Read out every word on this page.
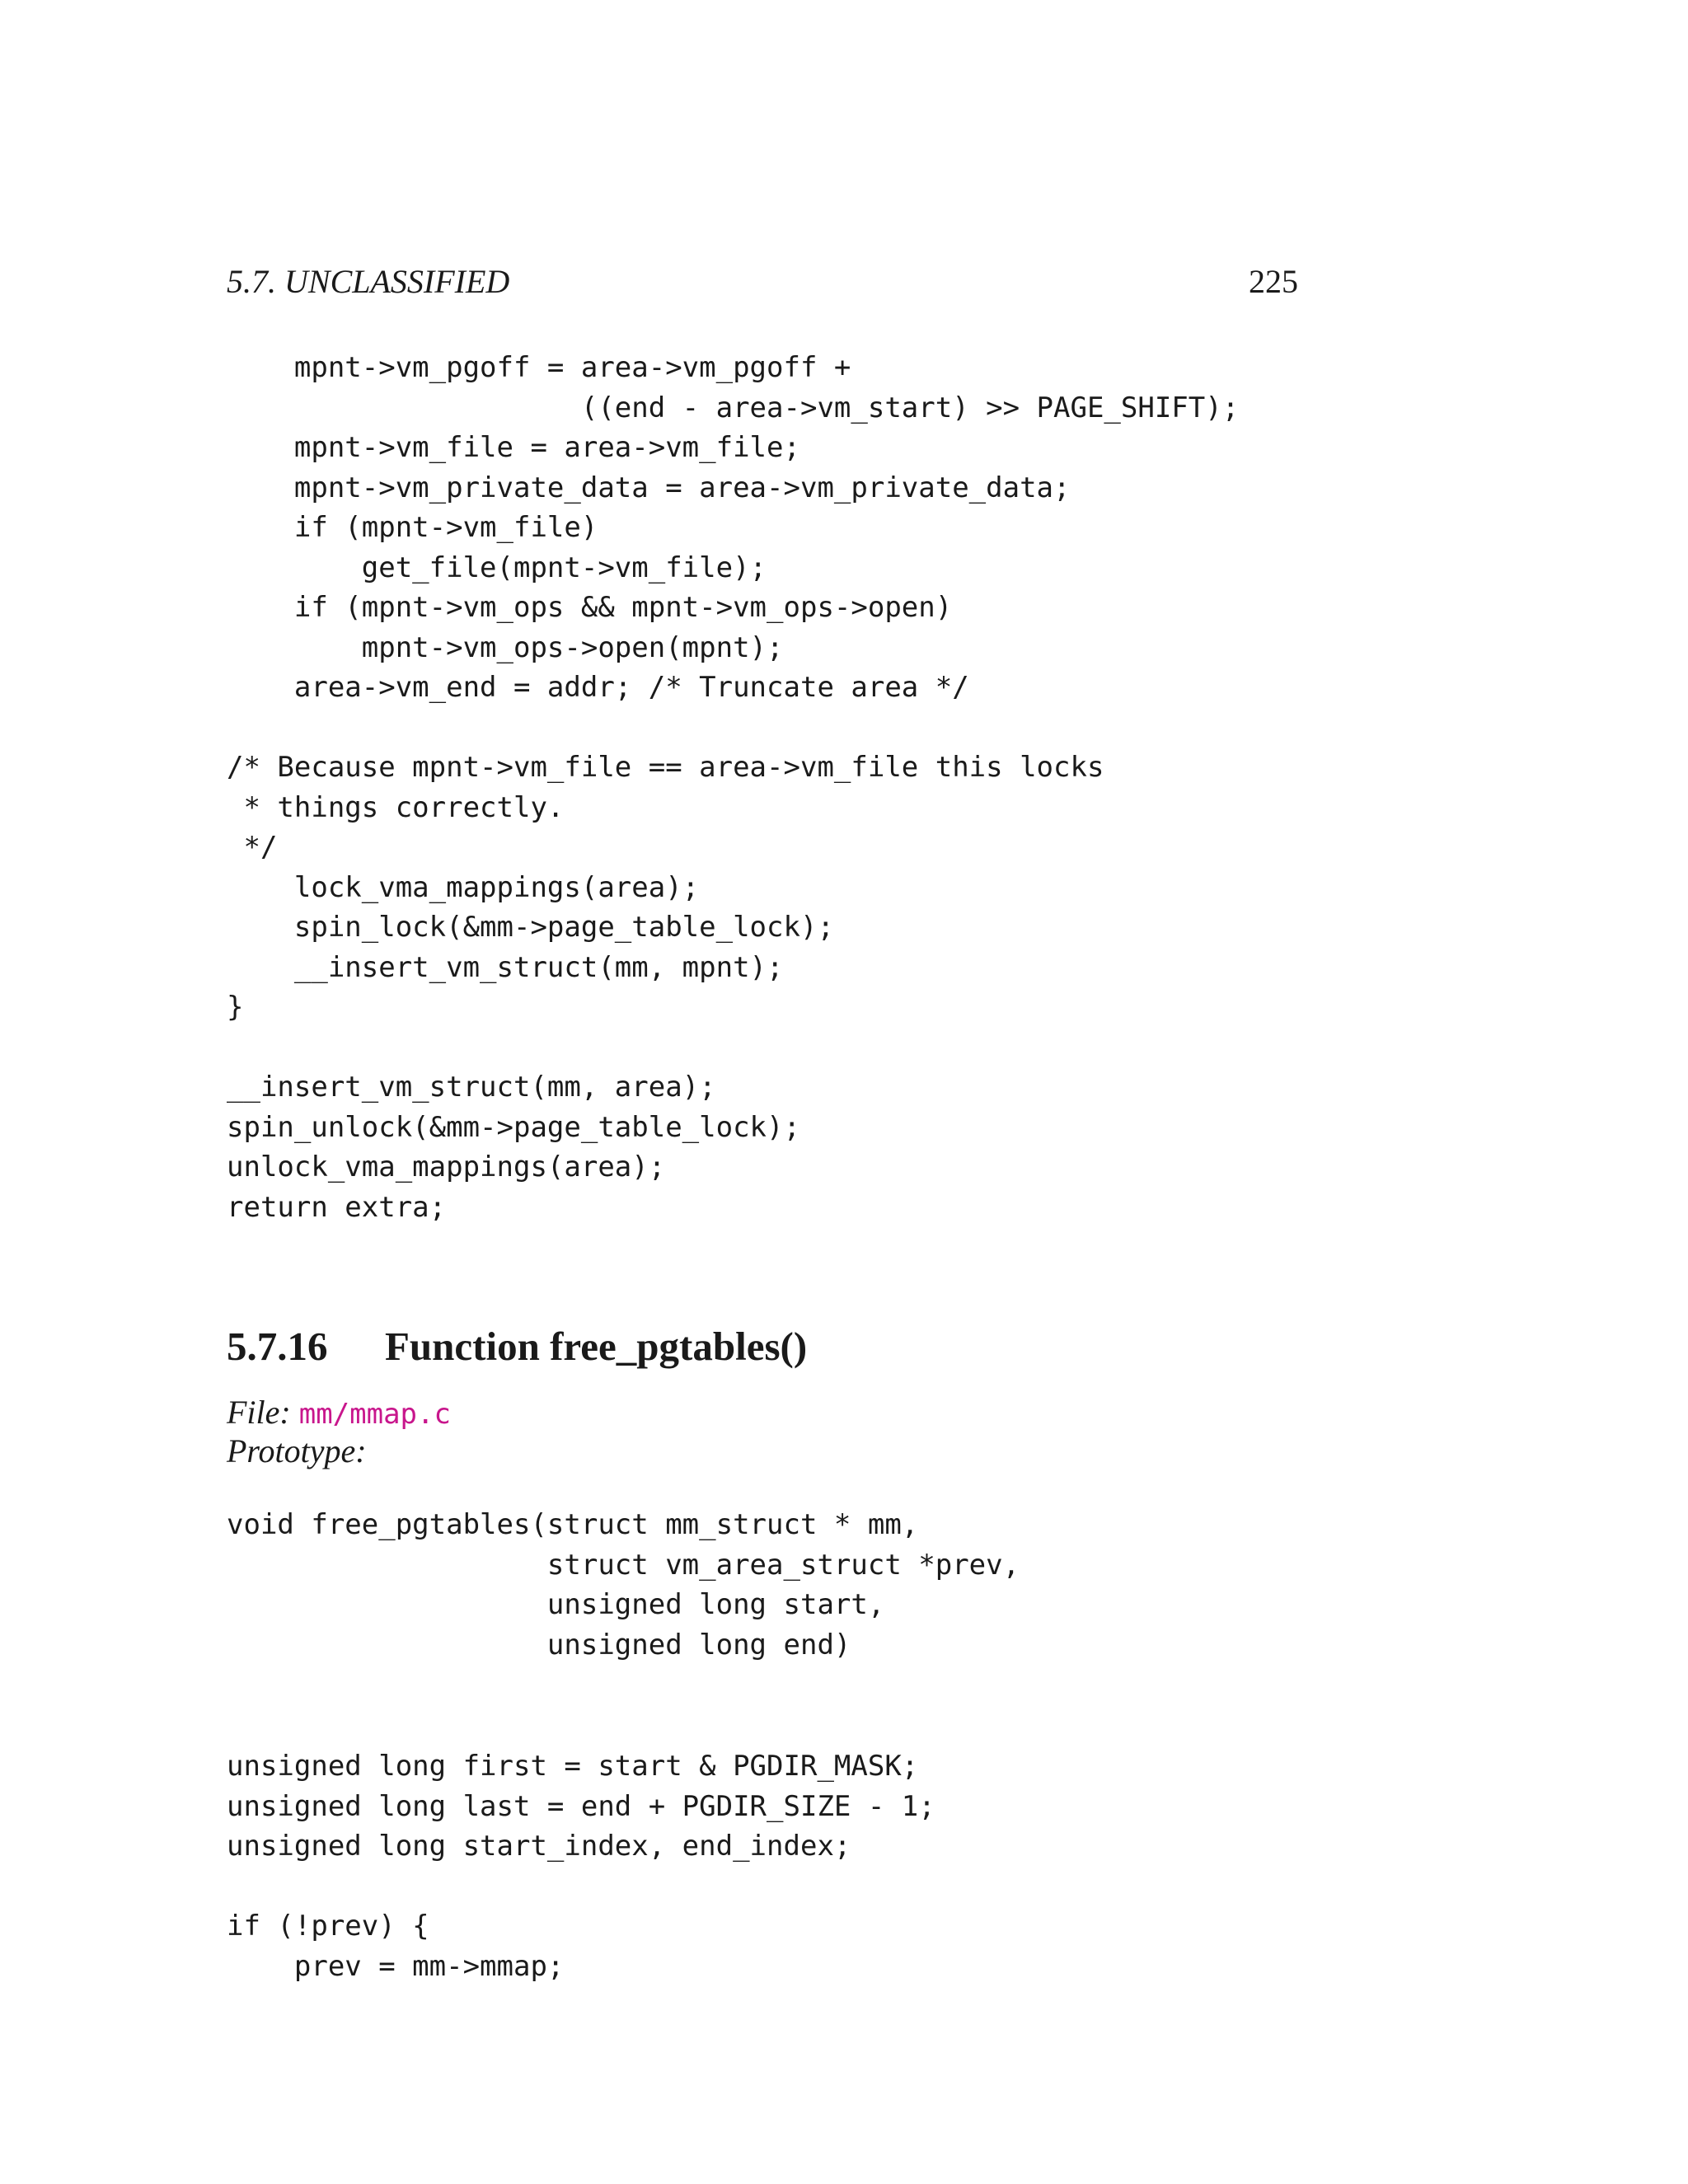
5.7. UNCLASSIFIED	225
mpnt->vm_pgoff = area->vm_pgoff +
((end - area->vm_start) >> PAGE_SHIFT);
mpnt->vm_file = area->vm_file;
mpnt->vm_private_data = area->vm_private_data;
if (mpnt->vm_file)
get_file(mpnt->vm_file);
if (mpnt->vm_ops && mpnt->vm_ops->open)
mpnt->vm_ops->open(mpnt);
area->vm_end = addr; /* Truncate area */
/* Because mpnt->vm_file == area->vm_file this locks
* things correctly.
*/
lock_vma_mappings(area);
spin_lock(&mm->page_table_lock);
__insert_vm_struct(mm, mpnt);
}
__insert_vm_struct(mm, area);
spin_unlock(&mm->page_table_lock);
unlock_vma_mappings(area);
return extra;
5.7.16 Function free_pgtables()
File: mm/mmap.c
Prototype:
void free_pgtables(struct mm_struct * mm,
struct vm_area_struct *prev,
unsigned long start,
unsigned long end)
unsigned long first = start & PGDIR_MASK;
unsigned long last = end + PGDIR_SIZE - 1;
unsigned long start_index, end_index;
if (!prev) {
prev = mm->mmap;
